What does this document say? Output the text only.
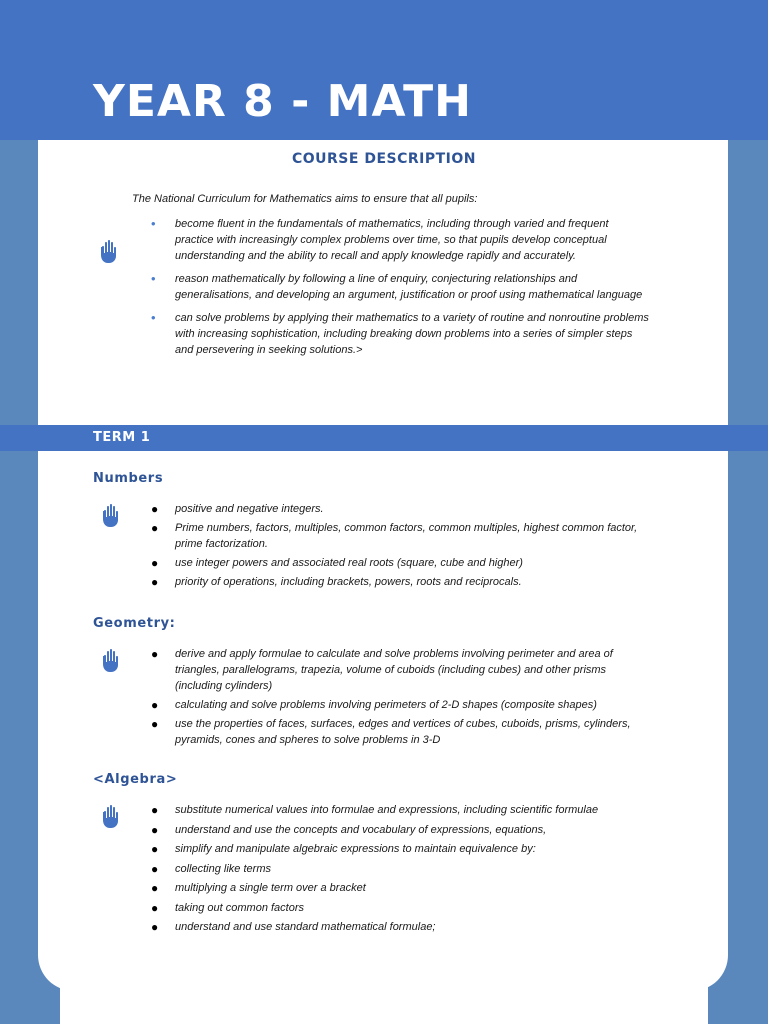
YEAR 8 - MATH
COURSE DESCRIPTION
The National Curriculum for Mathematics aims to ensure that all pupils:
• become fluent in the fundamentals of mathematics, including through varied and frequent practice with increasingly complex problems over time, so that pupils develop conceptual understanding and the ability to recall and apply knowledge rapidly and accurately.
• reason mathematically by following a line of enquiry, conjecturing relationships and generalisations, and developing an argument, justification or proof using mathematical language
• can solve problems by applying their mathematics to a variety of routine and nonroutine problems with increasing sophistication, including breaking down problems into a series of simpler steps and persevering in seeking solutions.>
TERM 1
Numbers
● positive and negative integers.
● Prime numbers, factors, multiples, common factors, common multiples, highest common factor, prime factorization.
● use integer powers and associated real roots (square, cube and higher)
● priority of operations, including brackets, powers, roots and reciprocals.
Geometry:
● derive and apply formulae to calculate and solve problems involving perimeter and area of triangles, parallelograms, trapezia, volume of cuboids (including cubes) and other prisms (including cylinders)
● calculating and solve problems involving perimeters of 2-D shapes (composite shapes)
● use the properties of faces, surfaces, edges and vertices of cubes, cuboids, prisms, cylinders, pyramids, cones and spheres to solve problems in 3-D
<Algebra>
● substitute numerical values into formulae and expressions, including scientific formulae
● understand and use the concepts and vocabulary of expressions, equations,
● simplify and manipulate algebraic expressions to maintain equivalence by:
● collecting like terms
● multiplying a single term over a bracket
● taking out common factors
● understand and use standard mathematical formulae;
